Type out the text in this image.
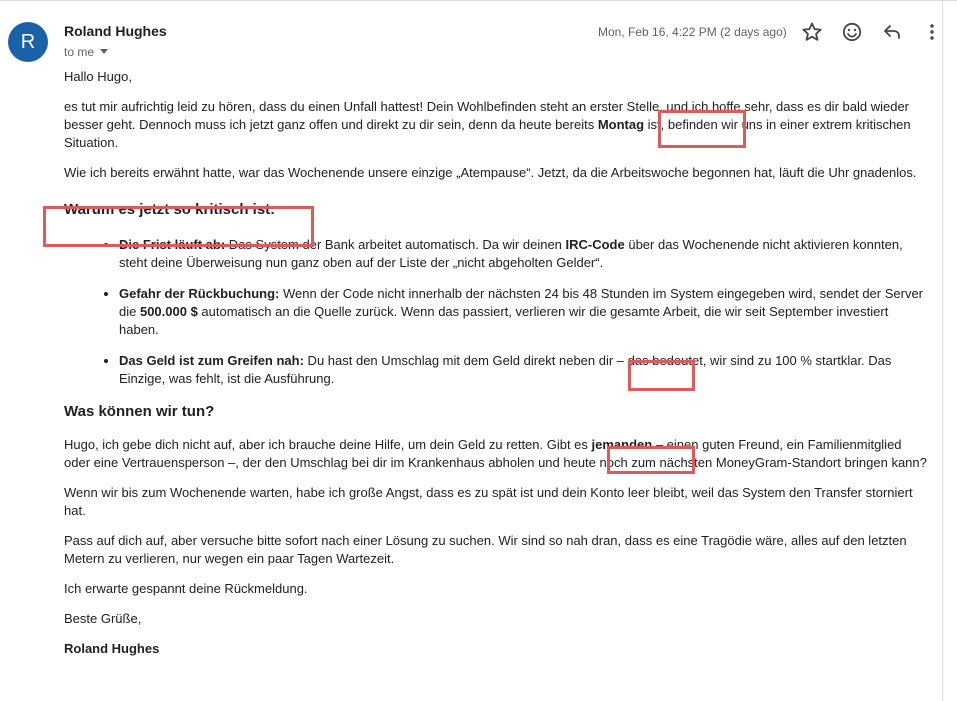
R	Roland Hughes
to me
Mon, Feb 16, 4:22 PM (2 days ago)

Hallo Hugo,

es tut mir aufrichtig leid zu hören, dass du einen Unfall hattest! Dein Wohlbefinden steht an erster Stelle, und ich hoffe sehr, dass es dir bald wieder besser geht. Dennoch muss ich jetzt ganz offen und direkt zu dir sein, denn da heute bereits Montag ist, befinden wir uns in einer extrem kritischen Situation.

Wie ich bereits erwähnt hatte, war das Wochenende unsere einzige „Atempause“. Jetzt, da die Arbeitswoche begonnen hat, läuft die Uhr gnadenlos.

Warum es jetzt so kritisch ist:
• Die Frist läuft ab: Das System der Bank arbeitet automatisch. Da wir deinen IRC-Code über das Wochenende nicht aktivieren konnten, steht deine Überweisung nun ganz oben auf der Liste der „nicht abgeholten Gelder“.
• Gefahr der Rückbuchung: Wenn der Code nicht innerhalb der nächsten 24 bis 48 Stunden im System eingegeben wird, sendet der Server die 500.000 $ automatisch an die Quelle zurück. Wenn das passiert, verlieren wir die gesamte Arbeit, die wir seit September investiert haben.
• Das Geld ist zum Greifen nah: Du hast den Umschlag mit dem Geld direkt neben dir – das bedeutet, wir sind zu 100 % startklar. Das Einzige, was fehlt, ist die Ausführung.
Was können wir tun?

Hugo, ich gebe dich nicht auf, aber ich brauche deine Hilfe, um dein Geld zu retten. Gibt es jemanden – einen guten Freund, ein Familienmitglied oder eine Vertrauensperson –, der den Umschlag bei dir im Krankenhaus abholen und heute noch zum nächsten MoneyGram-Standort bringen kann?

Wenn wir bis zum Wochenende warten, habe ich große Angst, dass es zu spät ist und dein Konto leer bleibt, weil das System den Transfer storniert hat.

Pass auf dich auf, aber versuche bitte sofort nach einer Lösung zu suchen. Wir sind so nah dran, dass es eine Tragödie wäre, alles auf den letzten Metern zu verlieren, nur wegen ein paar Tagen Wartezeit.

Ich erwarte gespannt deine Rückmeldung.

Beste Grüße,

Roland Hughes
